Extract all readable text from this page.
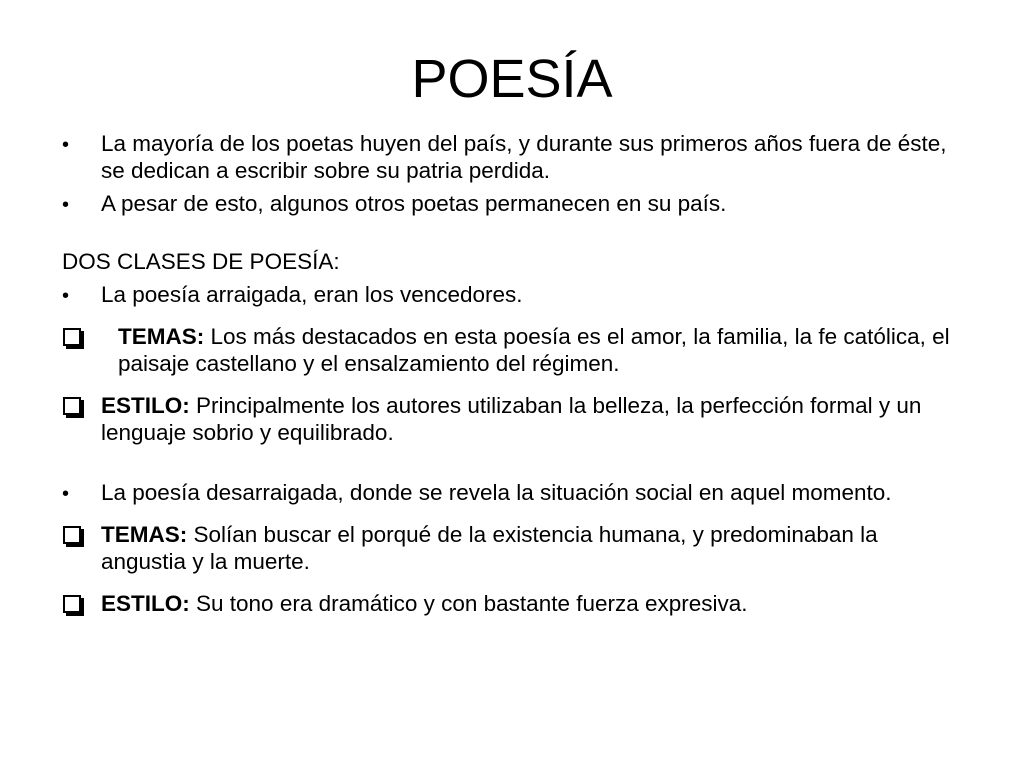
POESÍA
•	La mayoría de los poetas huyen del país, y durante sus primeros años fuera de éste, se dedican a escribir sobre su patria perdida.
•	A pesar de esto, algunos otros poetas permanecen en su país.
DOS CLASES DE POESÍA:
•	La poesía arraigada, eran los vencedores.
TEMAS: Los más destacados en esta poesía es el amor, la familia, la fe católica, el paisaje castellano y el ensalzamiento del régimen.
ESTILO: Principalmente los autores utilizaban la belleza, la perfección formal y un lenguaje sobrio y equilibrado.
•	La poesía desarraigada, donde se revela la situación social en aquel momento.
TEMAS: Solían buscar el porqué de la existencia humana, y predominaban la angustia y la muerte.
ESTILO: Su tono era dramático y con bastante fuerza expresiva.
